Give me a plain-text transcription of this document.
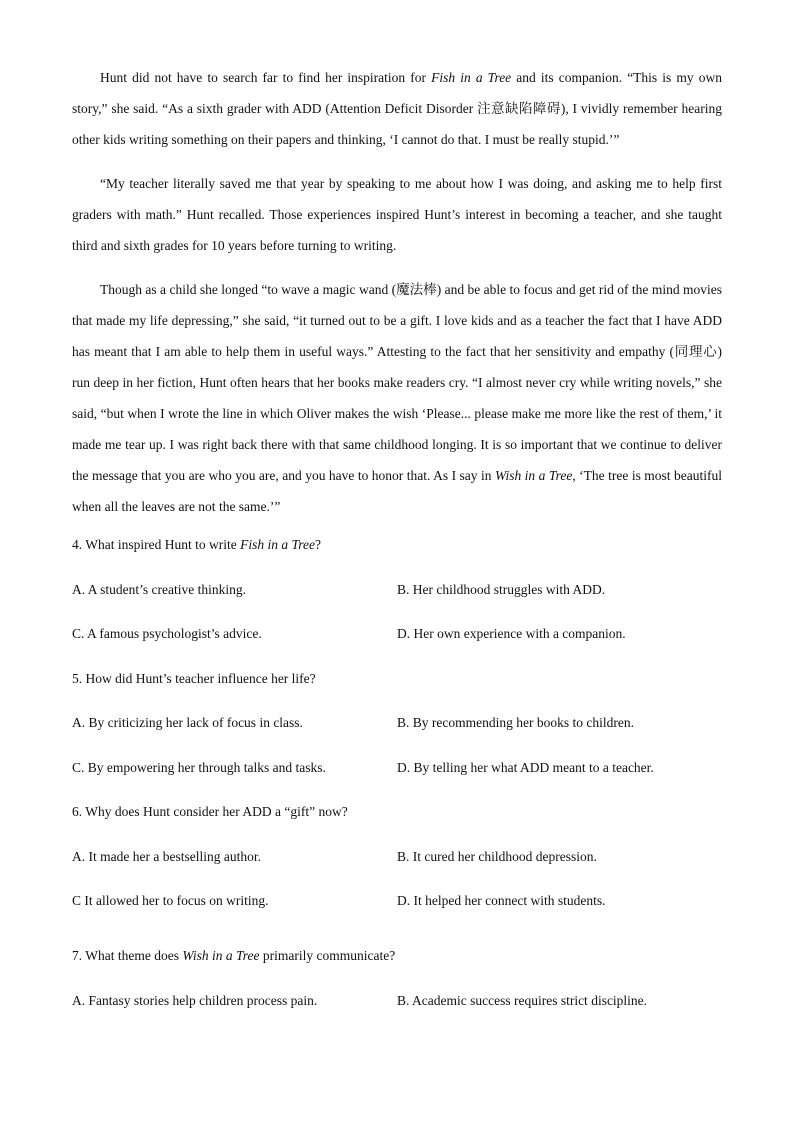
Hunt did not have to search far to find her inspiration for Fish in a Tree and its companion. “This is my own story,” she said. “As a sixth grader with ADD (Attention Deficit Disorder 注意缺陷障碍), I vividly remember hearing other kids writing something on their papers and thinking, ‘I cannot do that. I must be really stupid.’”

“My teacher literally saved me that year by speaking to me about how I was doing, and asking me to help first graders with math.” Hunt recalled. Those experiences inspired Hunt’s interest in becoming a teacher, and she taught third and sixth grades for 10 years before turning to writing.

Though as a child she longed “to wave a magic wand (魔法棒) and be able to focus and get rid of the mind movies that made my life depressing,” she said, “it turned out to be a gift. I love kids and as a teacher the fact that I have ADD has meant that I am able to help them in useful ways.” Attesting to the fact that her sensitivity and empathy (同理心) run deep in her fiction, Hunt often hears that her books make readers cry. “I almost never cry while writing novels,” she said, “but when I wrote the line in which Oliver makes the wish ‘Please... please make me more like the rest of them,’ it made me tear up. I was right back there with that same childhood longing. It is so important that we continue to deliver the message that you are who you are, and you have to honor that. As I say in Wish in a Tree, ‘The tree is most beautiful when all the leaves are not the same.’”

4. What inspired Hunt to write Fish in a Tree?

A. A student’s creative thinking.	B. Her childhood struggles with ADD.
C. A famous psychologist’s advice.	D. Her own experience with a companion.

5. How did Hunt’s teacher influence her life?

A. By criticizing her lack of focus in class.	B. By recommending her books to children.
C. By empowering her through talks and tasks.	D. By telling her what ADD meant to a teacher.

6. Why does Hunt consider her ADD a “gift” now?

A. It made her a bestselling author.	B. It cured her childhood depression.
C It allowed her to focus on writing.	D. It helped her connect with students.

7. What theme does Wish in a Tree primarily communicate?

A. Fantasy stories help children process pain.	B. Academic success requires strict discipline.
